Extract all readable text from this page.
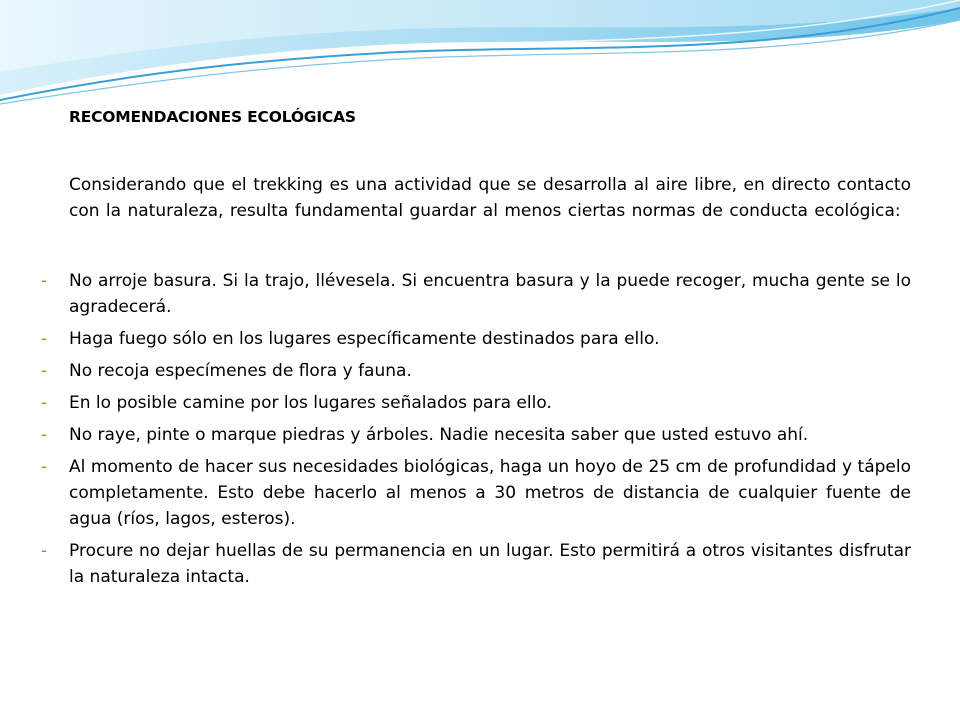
RECOMENDACIONES ECOLÓGICAS

Considerando que el trekking es una actividad que se desarrolla al aire libre, en directo contacto con la naturaleza, resulta fundamental guardar al menos ciertas normas de conducta ecológica:

- No arroje basura. Si la trajo, llévesela. Si encuentra basura y la puede recoger, mucha gente se lo agradecerá.
- Haga fuego sólo en los lugares específicamente destinados para ello.
- No recoja especímenes de flora y fauna.
- En lo posible camine por los lugares señalados para ello.
- No raye, pinte o marque piedras y árboles. Nadie necesita saber que usted estuvo ahí.
- Al momento de hacer sus necesidades biológicas, haga un hoyo de 25 cm de profundidad y tápelo completamente. Esto debe hacerlo al menos a 30 metros de distancia de cualquier fuente de agua (ríos, lagos, esteros).
- Procure no dejar huellas de su permanencia en un lugar. Esto permitirá a otros visitantes disfrutar la naturaleza intacta.
